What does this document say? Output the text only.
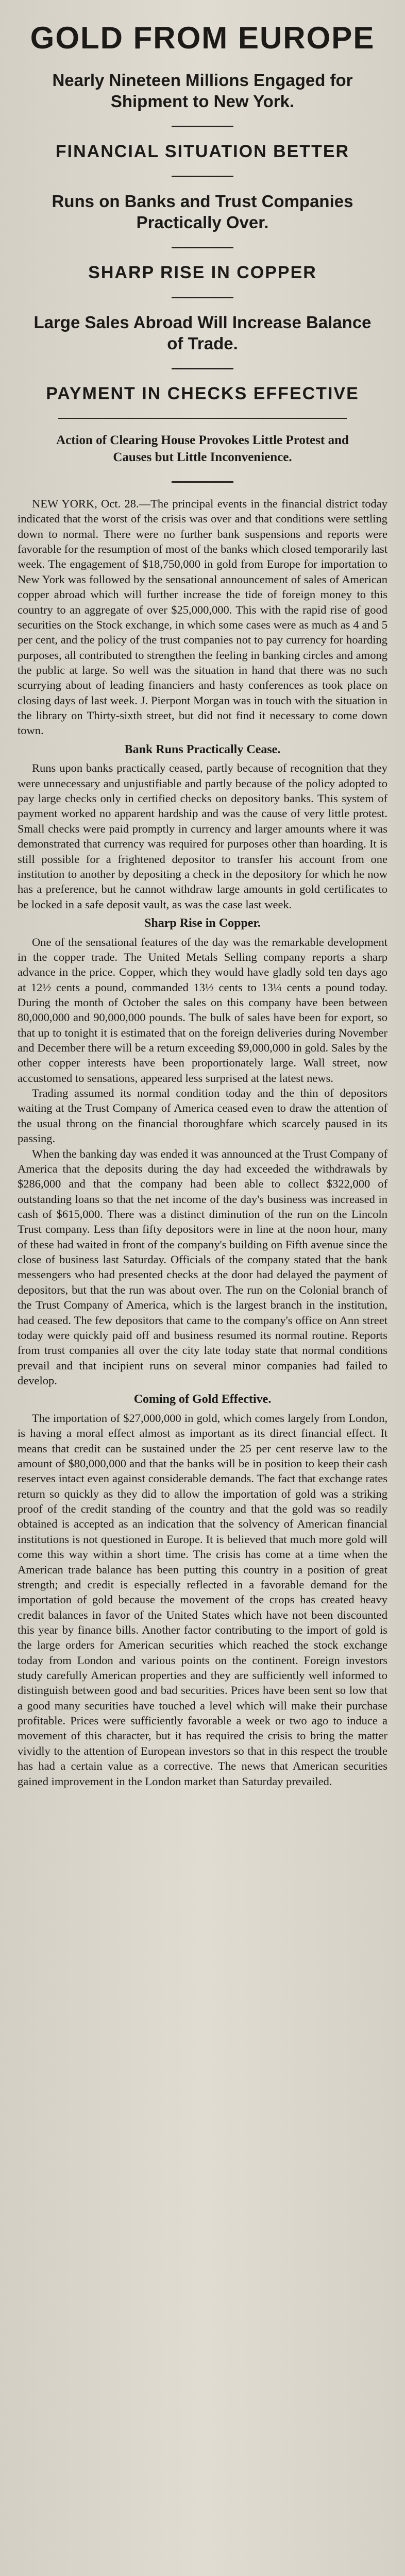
GOLD FROM EUROPE
Nearly Nineteen Millions Engaged for Shipment to New York.
FINANCIAL SITUATION BETTER
Runs on Banks and Trust Companies Practically Over.
SHARP RISE IN COPPER
Large Sales Abroad Will Increase Balance of Trade.
PAYMENT IN CHECKS EFFECTIVE
Action of Clearing House Provokes Little Protest and Causes but Little Inconvenience.

NEW YORK, Oct. 28.—The principal events in the financial district today indicated that the worst of the crisis was over and that conditions were settling down to normal. There were no further bank suspensions and reports were favorable for the resumption of most of the banks which closed temporarily last week. The engagement of $18,750,000 in gold from Europe for importation to New York was followed by the sensational announcement of sales of American copper abroad which will further increase the tide of foreign money to this country to an aggregate of over $25,000,000. This with the rapid rise of good securities on the Stock exchange, in which some cases were as much as 4 and 5 per cent, and the policy of the trust companies not to pay currency for hoarding purposes, all contributed to strengthen the feeling in banking circles and among the public at large. So well was the situation in hand that there was no such scurrying about of leading financiers and hasty conferences as took place on closing days of last week. J. Pierpont Morgan was in touch with the situation in the library on Thirty-sixth street, but did not find it necessary to come down town.

Bank Runs Practically Cease.

Runs upon banks practically ceased, partly because of recognition that they were unnecessary and unjustifiable and partly because of the policy adopted to pay large checks only in certified checks on depository banks. This system of payment worked no apparent hardship and was the cause of very little protest. Small checks were paid promptly in currency and larger amounts where it was demonstrated that currency was required for purposes other than hoarding. It is still possible for a frightened depositor to transfer his account from one institution to another by depositing a check in the depository for which he now has a preference, but he cannot withdraw large amounts in gold certificates to be locked in a safe deposit vault, as was the case last week.

Sharp Rise in Copper.

One of the sensational features of the day was the remarkable development in the copper trade. The United Metals Selling company reports a sharp advance in the price. Copper, which they would have gladly sold ten days ago at 12½ cents a pound, commanded 13½ cents to 13¼ cents a pound today. During the month of October the sales on this company have been between 80,000,000 and 90,000,000 pounds. The bulk of sales have been for export, so that up to tonight it is estimated that on the foreign deliveries during November and December there will be a return exceeding $9,000,000 in gold. Sales by the other copper interests have been proportionately large. Wall street, now accustomed to sensations, appeared less surprised at the latest news.

Trading assumed its normal condition today and the thin of depositors waiting at the Trust Company of America ceased even to draw the attention of the usual throng on the financial thoroughfare which scarcely paused in its passing.

When the banking day was ended it was announced at the Trust Company of America that the deposits during the day had exceeded the withdrawals by $286,000 and that the company had been able to collect $322,000 of outstanding loans so that the net income of the day's business was increased in cash of $615,000. There was a distinct diminution of the run on the Lincoln Trust company. Less than fifty depositors were in line at the noon hour, many of these had waited in front of the company's building on Fifth avenue since the close of business last Saturday. Officials of the company stated that the bank messengers who had presented checks at the door had delayed the payment of depositors, but that the run was about over. The run on the Colonial branch of the Trust Company of America, which is the largest branch in the institution, had ceased. The few depositors that came to the company's office on Ann street today were quickly paid off and business resumed its normal routine. Reports from trust companies all over the city late today state that normal conditions prevail and that incipient runs on several minor companies had failed to develop.

Coming of Gold Effective.

The importation of $27,000,000 in gold, which comes largely from London, is having a moral effect almost as important as its direct financial effect. It means that credit can be sustained under the 25 per cent reserve law to the amount of $80,000,000 and that the banks will be in position to keep their cash reserves intact even against considerable demands. The fact that exchange rates return so quickly as they did to allow the importation of gold was a striking proof of the credit standing of the country and that the gold was so readily obtained is accepted as an indication that the solvency of American financial institutions is not questioned in Europe. It is believed that much more gold will come this way within a short time. The crisis has come at a time when the American trade balance has been putting this country in a position of great strength; and credit is especially reflected in a favorable demand for the importation of gold because the movement of the crops has created heavy credit balances in favor of the United States which have not been discounted this year by finance bills. Another factor contributing to the import of gold is the large orders for American securities which reached the stock exchange today from London and various points on the continent. Foreign investors study carefully American properties and they are sufficiently well informed to distinguish between good and bad securities. Prices have been sent so low that a good many securities have touched a level which will make their purchase profitable. Prices were sufficiently favorable a week or two ago to induce a movement of this character, but it has required the crisis to bring the matter vividly to the attention of European investors so that in this respect the trouble has had a certain value as a corrective. The news that American securities gained improvement in the London market than Saturday prevailed.
